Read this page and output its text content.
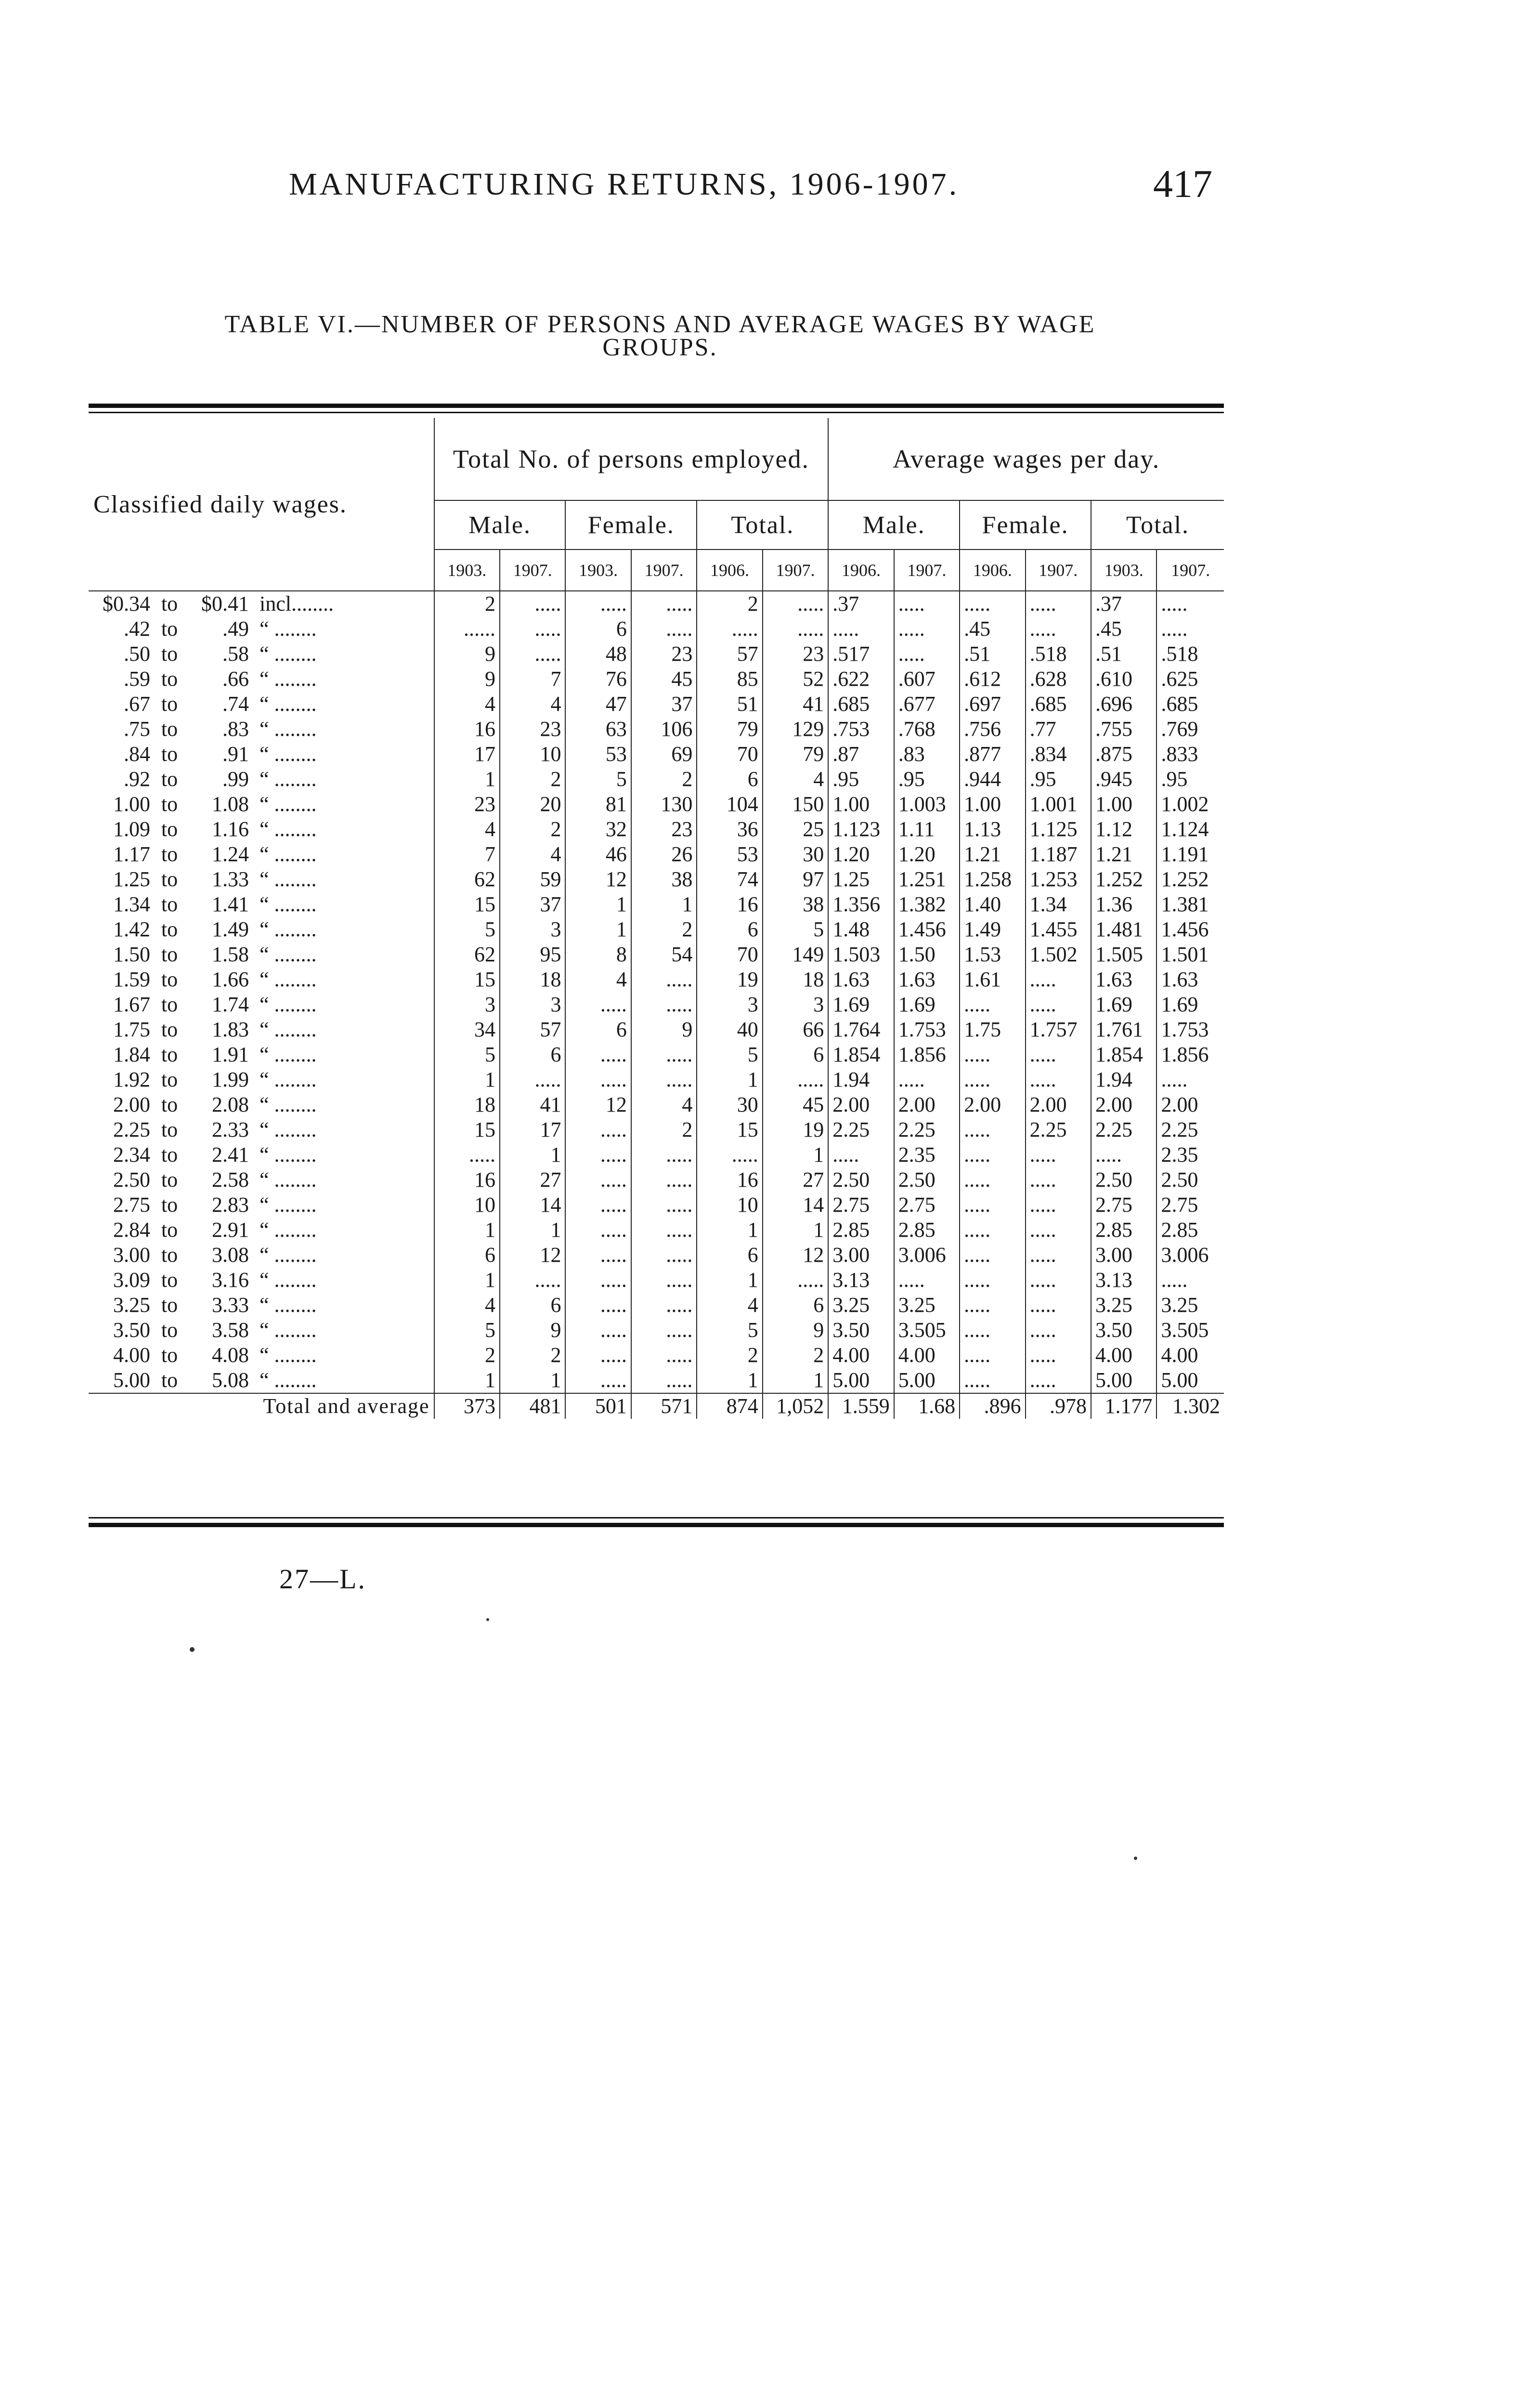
MANUFACTURING RETURNS, 1906-1907.	417
TABLE VI.—NUMBER OF PERSONS AND AVERAGE WAGES BY WAGE
GROUPS.
Classified daily wages.	Total No. of persons employed.						Average wages per day.					
	Male.		Female.		Total.		Male.		Female.		Total.	
	1903.	1907.	1903.	1907.	1906.	1907.	1906.	1907.	1906.	1907.	1903.	1907.
$0.34to$0.41 incl........	2	.....	.....	.....	2	.....	.37	.....	.....	.....	.37	.....
.42to.49 “ ........	......	.....	6	.....	.....	.....	.....	.....	.45	.....	.45	.....
.50to.58 “ ........	9	.....	48	23	57	23	.517	.....	.51	.518	.51	.518
.59to.66 “ ........	9	7	76	45	85	52	.622	.607	.612	.628	.610	.625
.67to.74 “ ........	4	4	47	37	51	41	.685	.677	.697	.685	.696	.685
.75to.83 “ ........	16	23	63	106	79	129	.753	.768	.756	.77	.755	.769
.84to.91 “ ........	17	10	53	69	70	79	.87	.83	.877	.834	.875	.833
.92to.99 “ ........	1	2	5	2	6	4	.95	.95	.944	.95	.945	.95
1.00to1.08 “ ........	23	20	81	130	104	150	1.00	1.003	1.00	1.001	1.00	1.002
1.09to1.16 “ ........	4	2	32	23	36	25	1.123	1.11	1.13	1.125	1.12	1.124
1.17to1.24 “ ........	7	4	46	26	53	30	1.20	1.20	1.21	1.187	1.21	1.191
1.25to1.33 “ ........	62	59	12	38	74	97	1.25	1.251	1.258	1.253	1.252	1.252
1.34to1.41 “ ........	15	37	1	1	16	38	1.356	1.382	1.40	1.34	1.36	1.381
1.42to1.49 “ ........	5	3	1	2	6	5	1.48	1.456	1.49	1.455	1.481	1.456
1.50to1.58 “ ........	62	95	8	54	70	149	1.503	1.50	1.53	1.502	1.505	1.501
1.59to1.66 “ ........	15	18	4	.....	19	18	1.63	1.63	1.61	.....	1.63	1.63
1.67to1.74 “ ........	3	3	.....	.....	3	3	1.69	1.69	.....	.....	1.69	1.69
1.75to1.83 “ ........	34	57	6	9	40	66	1.764	1.753	1.75	1.757	1.761	1.753
1.84to1.91 “ ........	5	6	.....	.....	5	6	1.854	1.856	.....	.....	1.854	1.856
1.92to1.99 “ ........	1	.....	.....	.....	1	.....	1.94	.....	.....	.....	1.94	.....
2.00to2.08 “ ........	18	41	12	4	30	45	2.00	2.00	2.00	2.00	2.00	2.00
2.25to2.33 “ ........	15	17	.....	2	15	19	2.25	2.25	.....	2.25	2.25	2.25
2.34to2.41 “ ........	.....	1	.....	.....	.....	1	.....	2.35	.....	.....	.....	2.35
2.50to2.58 “ ........	16	27	.....	.....	16	27	2.50	2.50	.....	.....	2.50	2.50
2.75to2.83 “ ........	10	14	.....	.....	10	14	2.75	2.75	.....	.....	2.75	2.75
2.84to2.91 “ ........	1	1	.....	.....	1	1	2.85	2.85	.....	.....	2.85	2.85
3.00to3.08 “ ........	6	12	.....	.....	6	12	3.00	3.006	.....	.....	3.00	3.006
3.09to3.16 “ ........	1	.....	.....	.....	1	.....	3.13	.....	.....	.....	3.13	.....
3.25to3.33 “ ........	4	6	.....	.....	4	6	3.25	3.25	.....	.....	3.25	3.25
3.50to3.58 “ ........	5	9	.....	.....	5	9	3.50	3.505	.....	.....	3.50	3.505
4.00to4.08 “ ........	2	2	.....	.....	2	2	4.00	4.00	.....	.....	4.00	4.00
5.00to5.08 “ ........	1	1	.....	.....	1	1	5.00	5.00	.....	.....	5.00	5.00
Total and average	373	481	501	571	874	1,052	1.559	1.68	.896	.978	1.177	1.302
27—L.
